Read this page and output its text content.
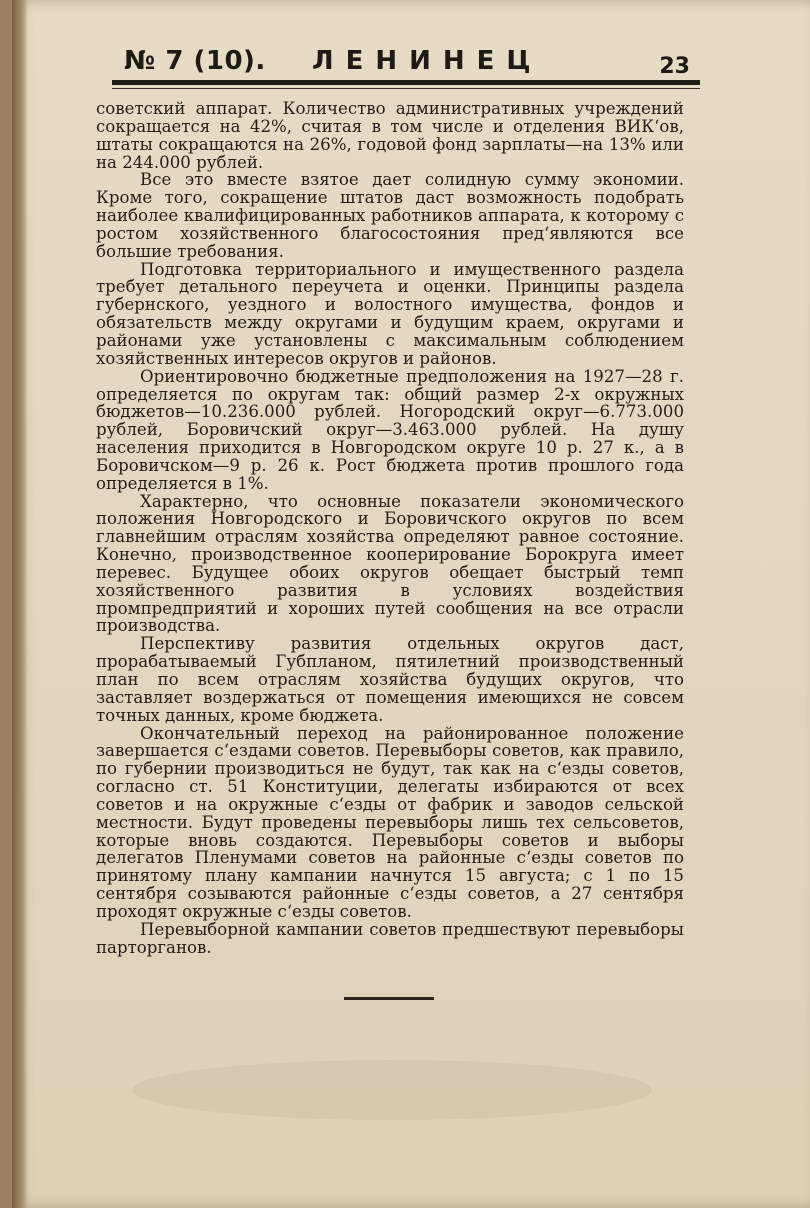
№ 7 (10). ЛЕНИНЕЦ	23

советский аппарат. Количество административных учреждений сокращается на 42%, считая в том числе и отделения ВИК‘ов, штаты сокращаются на 26%, годовой фонд зарплаты—на 13% или на 244.000 рублей.

Все это вместе взятое дает солидную сумму экономии. Кроме того, сокращение штатов даст возможность подобрать наиболее квалифицированных работников аппарата, к которому с ростом хозяйственного благосостояния пред‘являются все большие требования.

Подготовка территориального и имущественного раздела требует детального переучета и оценки. Принципы раздела губернского, уездного и волостного имущества, фондов и обязательств между округами и будущим краем, округами и районами уже установлены с максимальным соблюдением хозяйственных интересов округов и районов.

Ориентировочно бюджетные предположения на 1927—28 г. определяется по округам так: общий размер 2-х окружных бюджетов—10.236.000 рублей. Ногородский округ—6.773.000 рублей, Боровичский округ—3.463.000 рублей. На душу населения приходится в Новгородском округе 10 р. 27 к., а в Боровичском—9 р. 26 к. Рост бюджета против прошлого года определяется в 1%.

Характерно, что основные показатели экономического положения Новгородского и Боровичского округов по всем главнейшим отраслям хозяйства определяют равное состояние. Конечно, производственное кооперирование Борокруга имеет перевес. Будущее обоих округов обещает быстрый темп хозяйственного развития в условиях воздействия промпредприятий и хороших путей сообщения на все отрасли производства.

Перспективу развития отдельных округов даст, прорабатываемый Губпланом, пятилетний производственный план по всем отраслям хозяйства будущих округов, что заставляет воздержаться от помещения имеющихся не совсем точных данных, кроме бюджета.

Окончательный переход на районированное положение завершается с‘ездами советов. Перевыборы советов, как правило, по губернии производиться не будут, так как на с‘езды советов, согласно ст. 51 Конституции, делегаты избираются от всех советов и на окружные с‘езды от фабрик и заводов сельской местности. Будут проведены перевыборы лишь тех сельсоветов, которые вновь создаются. Перевыборы советов и выборы делегатов Пленумами советов на районные с‘езды советов по принятому плану кампании начнутся 15 августа; с 1 по 15 сентября созываются районные с‘езды советов, а 27 сентября проходят окружные с‘езды советов.

Перевыборной кампании советов предшествуют перевыборы парторганов.
